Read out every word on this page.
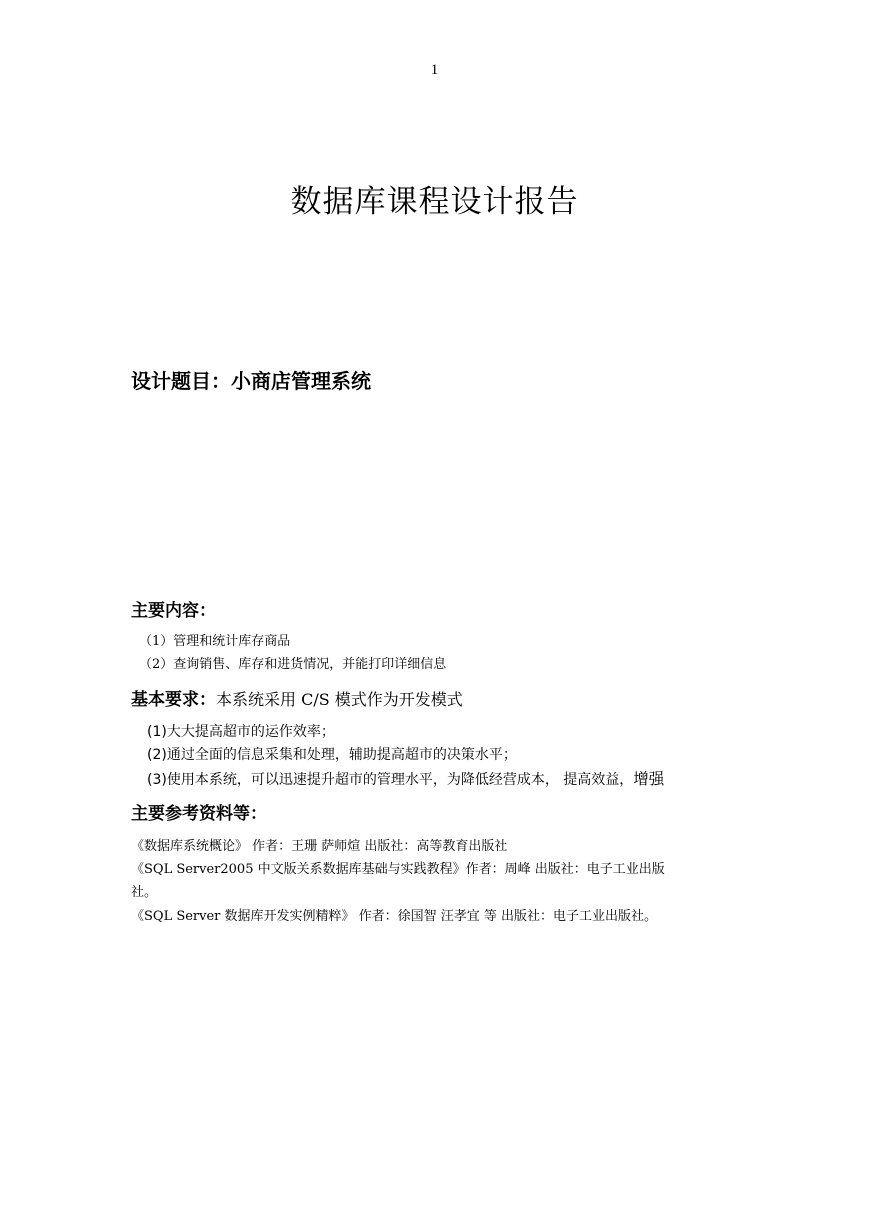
1
数据库课程设计报告
设计题目：小商店管理系统
主要内容：
（1）管理和统计库存商品
（2）查询销售、库存和进货情况，并能打印详细信息
基本要求：本系统采用 C/S 模式作为开发模式
(1)大大提高超市的运作效率；
(2)通过全面的信息采集和处理，辅助提高超市的决策水平；
(3)使用本系统，可以迅速提升超市的管理水平，为降低经营成本， 提高效益，增强
主要参考资料等：
《数据库系统概论》 作者：王珊 萨师煊 出版社：高等教育出版社
《SQL Server2005 中文版关系数据库基础与实践教程》作者：周峰 出版社：电子工业出版
社。
《SQL Server 数据库开发实例精粹》 作者：徐国智 汪孝宜 等 出版社：电子工业出版社。
